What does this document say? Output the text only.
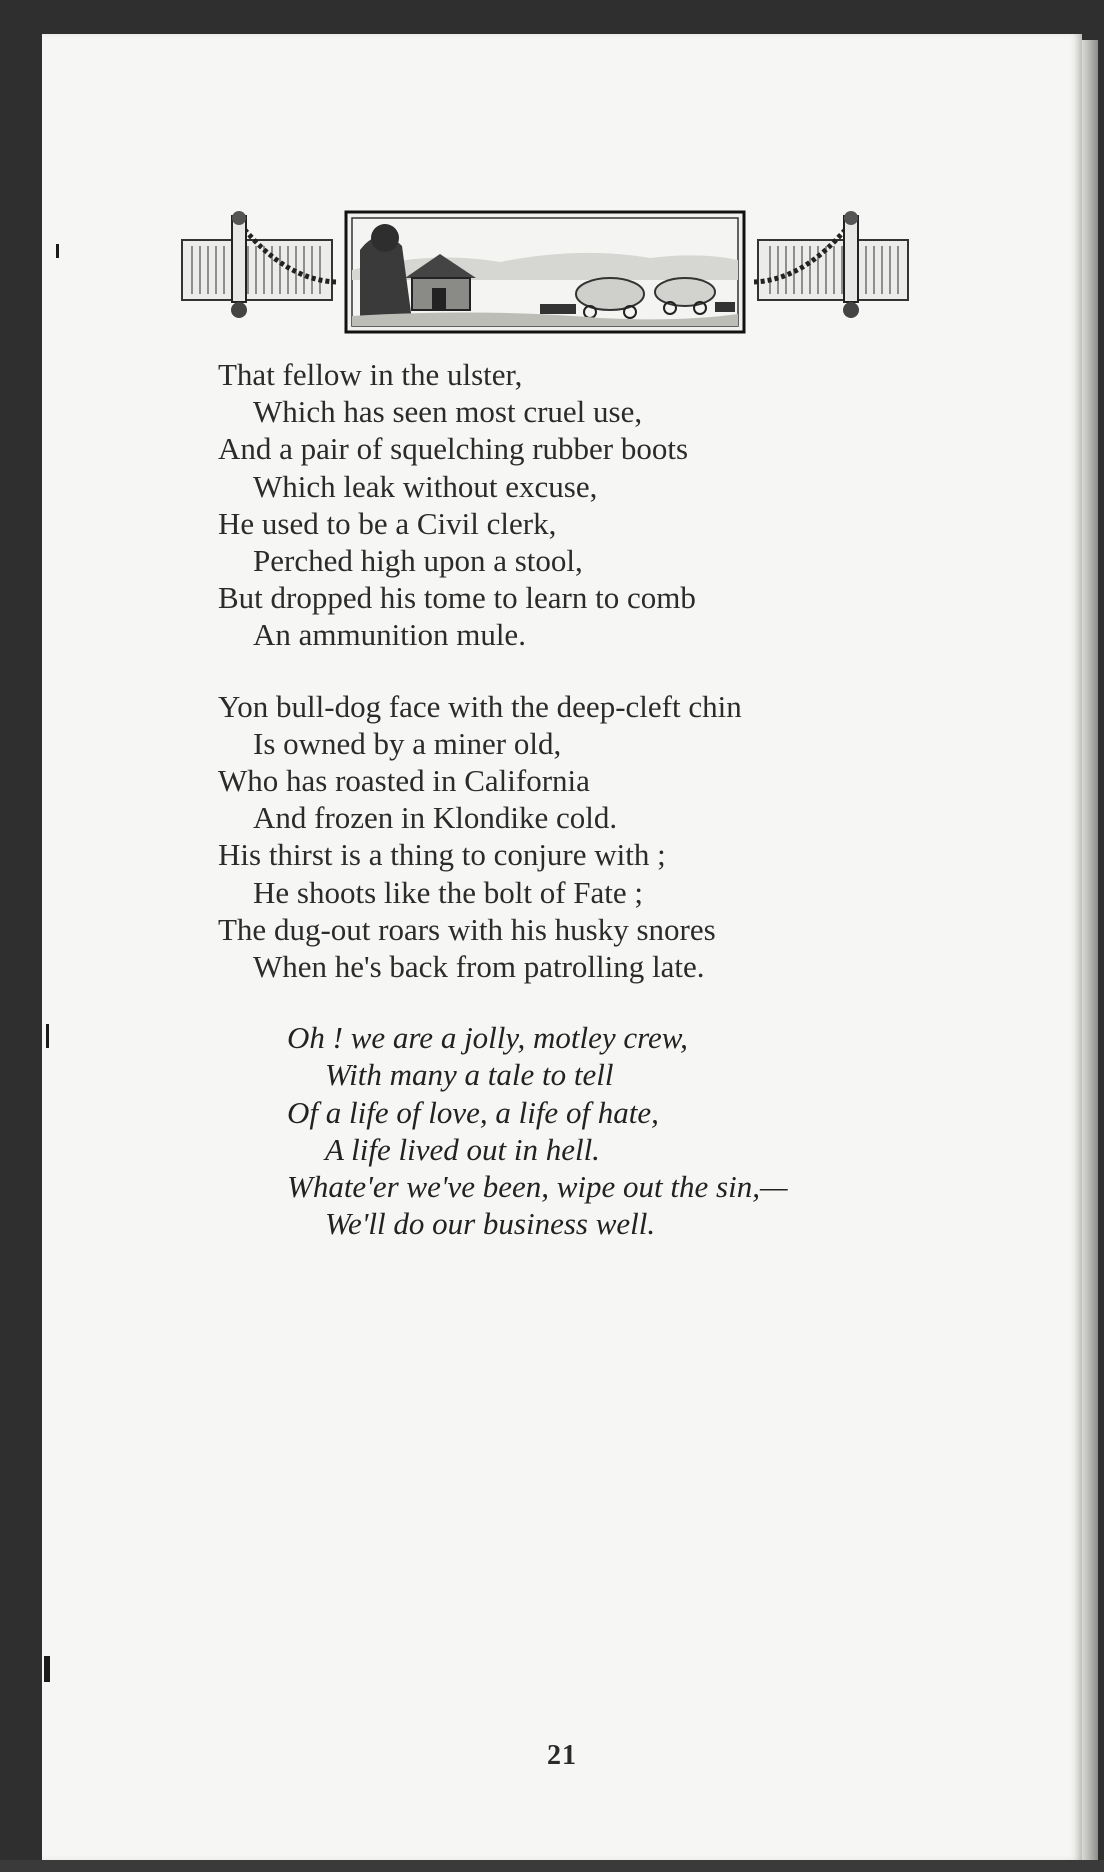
That fellow in the ulster,
Which has seen most cruel use,
And a pair of squelching rubber boots
Which leak without excuse,
He used to be a Civil clerk,
Perched high upon a stool,
But dropped his tome to learn to comb
An ammunition mule.
Yon bull-dog face with the deep-cleft chin
Is owned by a miner old,
Who has roasted in California
And frozen in Klondike cold.
His thirst is a thing to conjure with ;
He shoots like the bolt of Fate ;
The dug-out roars with his husky snores
When he's back from patrolling late.
Oh ! we are a jolly, motley crew,
With many a tale to tell
Of a life of love, a life of hate,
A life lived out in hell.
Whate'er we've been, wipe out the sin,—
We'll do our business well.
21
